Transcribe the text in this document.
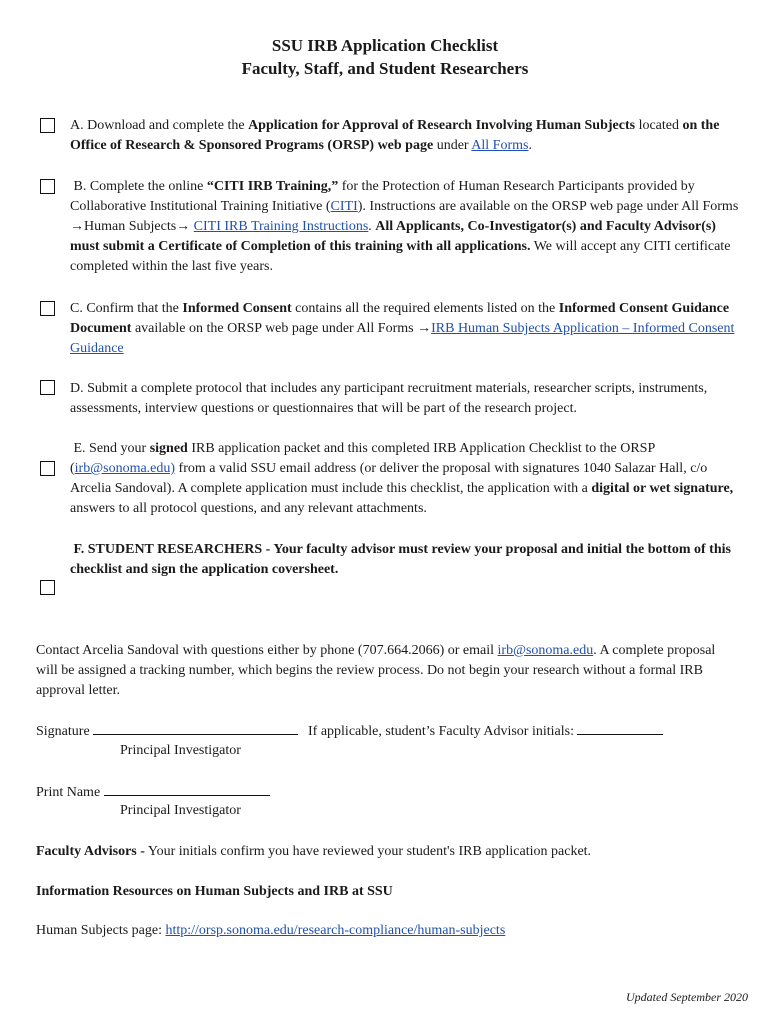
SSU IRB Application Checklist
Faculty, Staff, and Student Researchers
A. Download and complete the Application for Approval of Research Involving Human Subjects located on the Office of Research & Sponsored Programs (ORSP) web page under All Forms.
B. Complete the online “CITI IRB Training,” for the Protection of Human Research Participants provided by Collaborative Institutional Training Initiative (CITI). Instructions are available on the ORSP web page under All Forms →Human Subjects→ CITI IRB Training Instructions. All Applicants, Co-Investigator(s) and Faculty Advisor(s) must submit a Certificate of Completion of this training with all applications. We will accept any CITI certificate completed within the last five years.
C. Confirm that the Informed Consent contains all the required elements listed on the Informed Consent Guidance Document available on the ORSP web page under All Forms →IRB Human Subjects Application – Informed Consent Guidance
D. Submit a complete protocol that includes any participant recruitment materials, researcher scripts, instruments, assessments, interview questions or questionnaires that will be part of the research project.
E. Send your signed IRB application packet and this completed IRB Application Checklist to the ORSP (irb@sonoma.edu) from a valid SSU email address (or deliver the proposal with signatures 1040 Salazar Hall, c/o Arcelia Sandoval). A complete application must include this checklist, the application with a digital or wet signature, answers to all protocol questions, and any relevant attachments.
F. STUDENT RESEARCHERS - Your faculty advisor must review your proposal and initial the bottom of this checklist and sign the application coversheet.
Contact Arcelia Sandoval with questions either by phone (707.664.2066) or email irb@sonoma.edu. A complete proposal will be assigned a tracking number, which begins the review process. Do not begin your research without a formal IRB approval letter.
Signature
Principal Investigator
If applicable, student’s Faculty Advisor initials:
Print Name
Principal Investigator
Faculty Advisors - Your initials confirm you have reviewed your student's IRB application packet.
Information Resources on Human Subjects and IRB at SSU
Human Subjects page: http://orsp.sonoma.edu/research-compliance/human-subjects
Updated September 2020
